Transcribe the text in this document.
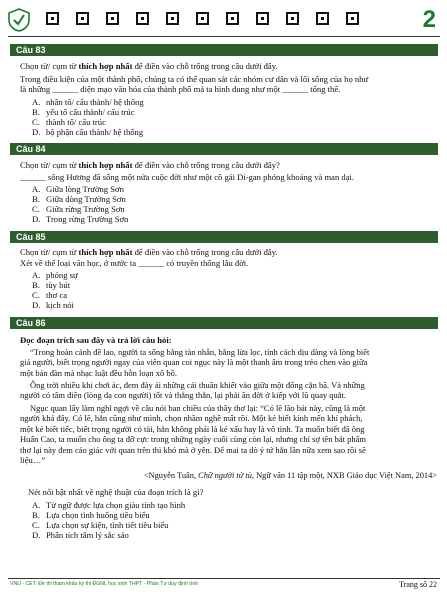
2
Câu 83
Chọn từ/ cụm từ thích hợp nhất để điền vào chỗ trống trong câu dưới đây.
Trong điều kiện của một thành phố, chúng ta có thể quan sát các nhóm cư dân và lối sống của họ như
là những ______ diện mạo văn hóa của thành phố mà ta hình dung như một ______ tổng thể.
A. nhân tố/ cấu thành/ hệ thống
B. yếu tố cấu thành/ cấu trúc
C. thành tố/ cấu trúc
D. bộ phận cấu thành/ hệ thống
Câu 84
Chọn từ/ cụm từ thích hợp nhất để điền vào chỗ trống trong câu dưới đây?
______ sông Hương đã sống một nửa cuộc đời như một cô gái Di-gan phóng khoáng và man dại.
A. Giữa lòng Trường Sơn
B. Giữa dòng Trường Sơn
C. Giữa rừng Trường Sơn
D. Trong rừng Trường Sơn
Câu 85
Chọn từ/ cụm từ thích hợp nhất để điền vào chỗ trống trong câu dưới đây.
Xét về thể loại văn học, ở nước ta ______ có truyền thống lâu đời.
A. phóng sự
B. tùy bút
C. thơ ca
D. kịch nói
Câu 86
Đọc đoạn trích sau đây và trả lời câu hỏi:
“Trong hoàn cảnh đề lao, người ta sống bằng tàn nhẫn, bằng lừa lọc, tính cách dịu dàng và lòng biết
giá người, biết trọng người ngay của viên quan coi ngục này là một thanh âm trong trẻo chen vào giữa
một bản đàn mà nhạc luật đều hỗn loạn xô bồ.
Ông trời nhiều khi chơi ác, đem đày ải những cái thuần khiết vào giữa một đống cặn bã. Và những
người có tâm điền (lòng dạ con người) tốt và thẳng thắn, lại phải ăn đời ở kiếp với lũ quay quắt.
Ngục quan lấy làm nghĩ ngợi về câu nói ban chiều của thầy thơ lại: “Có lẽ lão bát này, cũng là một
người khá đây. Có lẽ, hắn cũng như mình, chọn nhầm nghề mất rồi. Một kẻ biết kính mến khí phách,
một kẻ biết tiếc, biết trọng người có tài, hẳn không phải là kẻ xấu hay là vô tình. Ta muốn biết đã ông
Huấn Cao, ta muốn cho ông ta đỡ cực trong những ngày cuối cùng còn lại, nhưng chỉ sợ tên bát phẩm
thơ lại này đem cáo giác với quan trên thì khó mà ở yên. Để mai ta dò ý tứ hắn lần nữa xem sao rồi sẽ
liệu…”
<Nguyễn Tuân, Chữ người tử tù, Ngữ văn 11 tập một, NXB Giáo dục Việt Nam, 2014>
Nét nổi bật nhất về nghệ thuật của đoạn trích là gì?
A. Từ ngữ được lựa chọn giàu tính tạo hình
B. Lựa chọn tình huống tiêu biểu
C. Lựa chọn sự kiện, tình tiết tiêu biểu
D. Phân tích tâm lý sắc sảo
VNU - CET: Đề thi tham khảo kỳ thi ĐGNL học sinh THPT - Phần Tư duy định tính	Trang số 22
